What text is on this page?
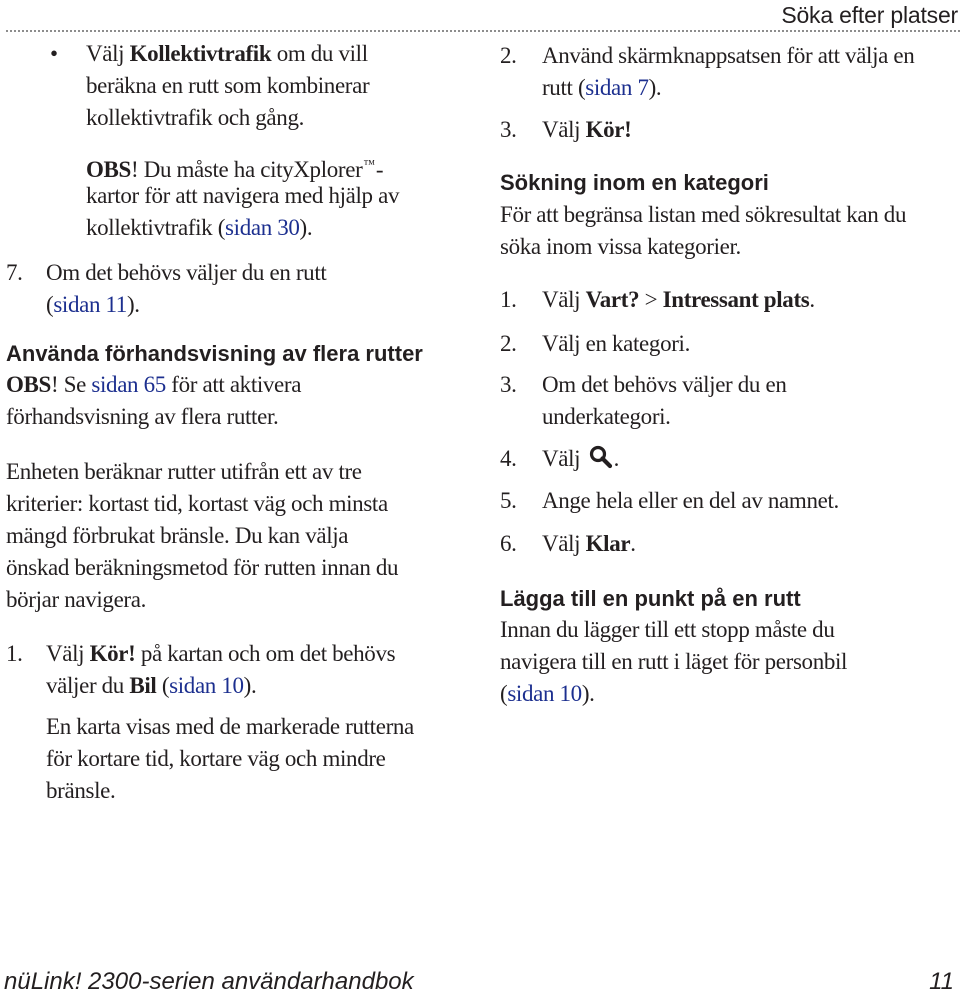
Söka efter platser
• Välj Kollektivtrafik om du vill
beräkna en rutt som kombinerar
kollektivtrafik och gång.
OBS! Du måste ha cityXplorer™-
kartor för att navigera med hjälp av
kollektivtrafik (sidan 30).
7. Om det behövs väljer du en rutt
(sidan 11).
Använda förhandsvisning av flera rutter
OBS! Se sidan 65 för att aktivera
förhandsvisning av flera rutter.
Enheten beräknar rutter utifrån ett av tre
kriterier: kortast tid, kortast väg och minsta
mängd förbrukat bränsle. Du kan välja
önskad beräkningsmetod för rutten innan du
börjar navigera.
1. Välj Kör! på kartan och om det behövs
väljer du Bil (sidan 10).
En karta visas med de markerade rutterna
för kortare tid, kortare väg och mindre
bränsle.
2. Använd skärmknappsatsen för att välja en
rutt (sidan 7).
3. Välj Kör!
Sökning inom en kategori
För att begränsa listan med sökresultat kan du
söka inom vissa kategorier.
1. Välj Vart? > Intressant plats.
2. Välj en kategori.
3. Om det behövs väljer du en
underkategori.
4. Välj .
5. Ange hela eller en del av namnet.
6. Välj Klar.
Lägga till en punkt på en rutt
Innan du lägger till ett stopp måste du
navigera till en rutt i läget för personbil
(sidan 10).
nüLink! 2300-serien användarhandbok	11
